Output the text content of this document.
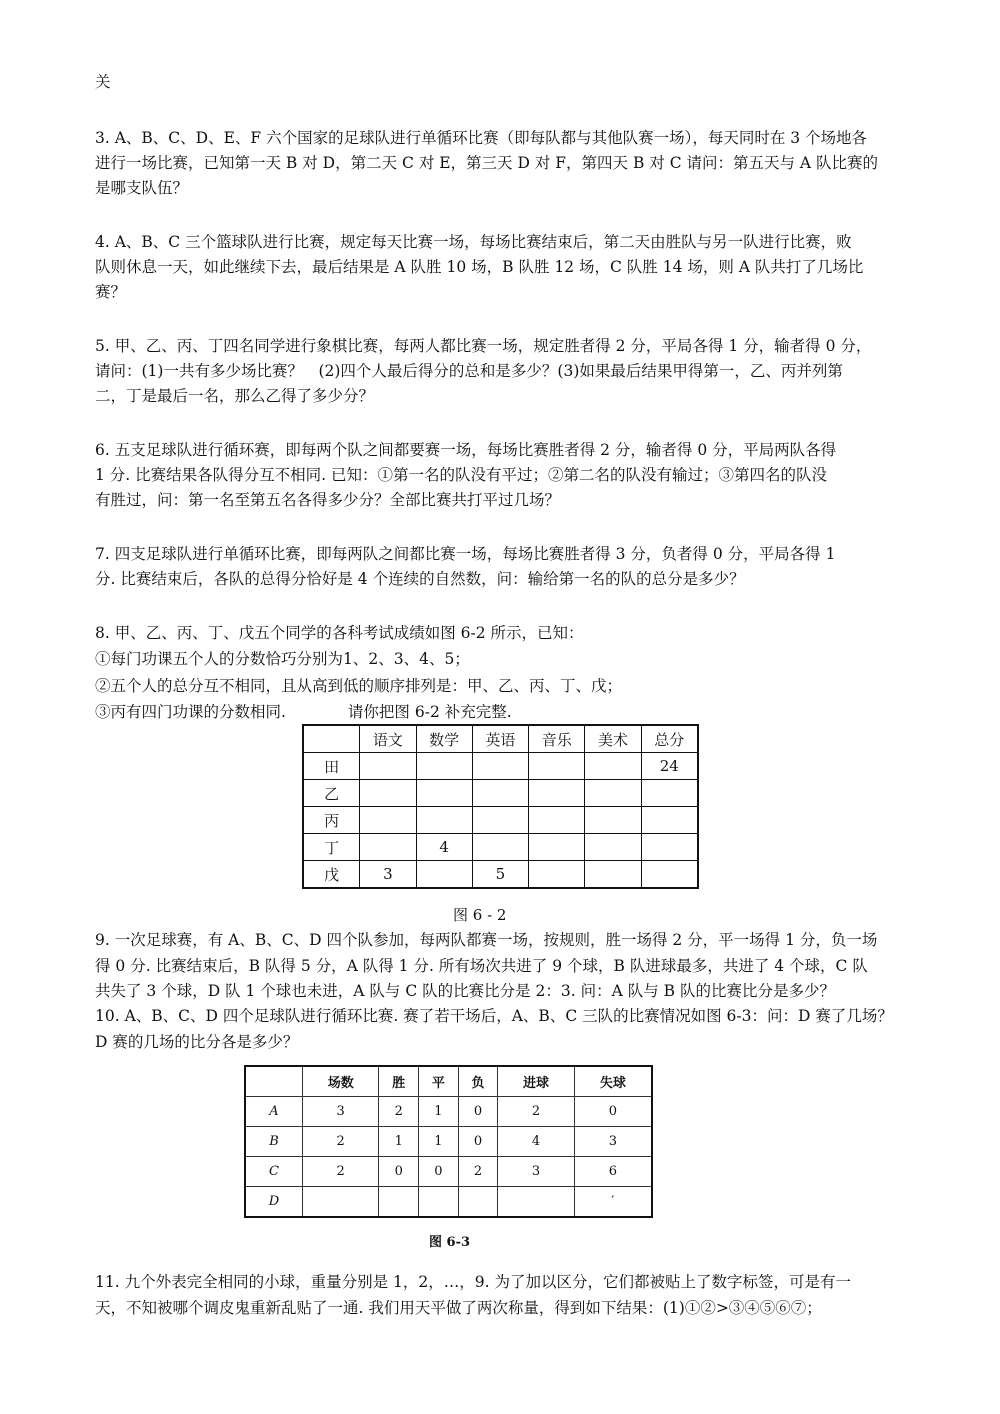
关
3. A、B、C、D、E、F 六个国家的足球队进行单循环比赛（即每队都与其他队赛一场），每天同时在 3 个场地各
进行一场比赛，已知第一天 B 对 D，第二天 C 对 E，第三天 D 对 F，第四天 B 对 C 请问：第五天与 A 队比赛的
是哪支队伍？
4. A、B、C 三个篮球队进行比赛，规定每天比赛一场，每场比赛结束后，第二天由胜队与另一队进行比赛，败
队则休息一天，如此继续下去，最后结果是 A 队胜 10 场，B 队胜 12 场，C 队胜 14 场，则 A 队共打了几场比
赛？
5. 甲、乙、丙、丁四名同学进行象棋比赛，每两人都比赛一场，规定胜者得 2 分，平局各得 1 分，输者得 0 分，
请问：(1)一共有多少场比赛？　(2)四个人最后得分的总和是多少？(3)如果最后结果甲得第一，乙、丙并列第
二，丁是最后一名，那么乙得了多少分？
6. 五支足球队进行循环赛，即每两个队之间都要赛一场，每场比赛胜者得 2 分，输者得 0 分，平局两队各得
1 分. 比赛结果各队得分互不相同. 已知：①第一名的队没有平过；②第二名的队没有输过；③第四名的队没
有胜过，问：第一名至第五名各得多少分？全部比赛共打平过几场？
7. 四支足球队进行单循环比赛，即每两队之间都比赛一场，每场比赛胜者得 3 分，负者得 0 分，平局各得 1
分. 比赛结束后，各队的总得分恰好是 4 个连续的自然数，问：输给第一名的队的总分是多少？
8. 甲、乙、丙、丁、戊五个同学的各科考试成绩如图 6-2 所示，已知：
①每门功课五个人的分数恰巧分别为1、2、3、4、5；
②五个人的总分互不相同，且从高到低的顺序排列是：甲、乙、丙、丁、戊；
③丙有四门功课的分数相同.　　　　请你把图 6-2 补充完整.
	语文	数学	英语	音乐	美术	总分
田						24
乙						
丙						
丁		4				
戊	3		5			
图 6 - 2
9. 一次足球赛，有 A、B、C、D 四个队参加，每两队都赛一场，按规则，胜一场得 2 分，平一场得 1 分，负一场
得 0 分. 比赛结束后，B 队得 5 分，A 队得 1 分. 所有场次共进了 9 个球，B 队进球最多，共进了 4 个球，C 队
共失了 3 个球，D 队 1 个球也未进，A 队与 C 队的比赛比分是 2：3. 问：A 队与 B 队的比赛比分是多少？
10. A、B、C、D 四个足球队进行循环比赛. 赛了若干场后，A、B、C 三队的比赛情况如图 6-3：问：D 赛了几场？
D 赛的几场的比分各是多少？
	场数	胜	平	负	进球	失球
A	3	2	1	0	2	0
B	2	1	1	0	4	3
C	2	0	0	2	3	6
D						′
图 6-3
11. 九个外表完全相同的小球，重量分别是 1，2，…，9. 为了加以区分，它们都被贴上了数字标签，可是有一
天，不知被哪个调皮鬼重新乱贴了一通. 我们用天平做了两次称量，得到如下结果：(1)①②>③④⑤⑥⑦；
